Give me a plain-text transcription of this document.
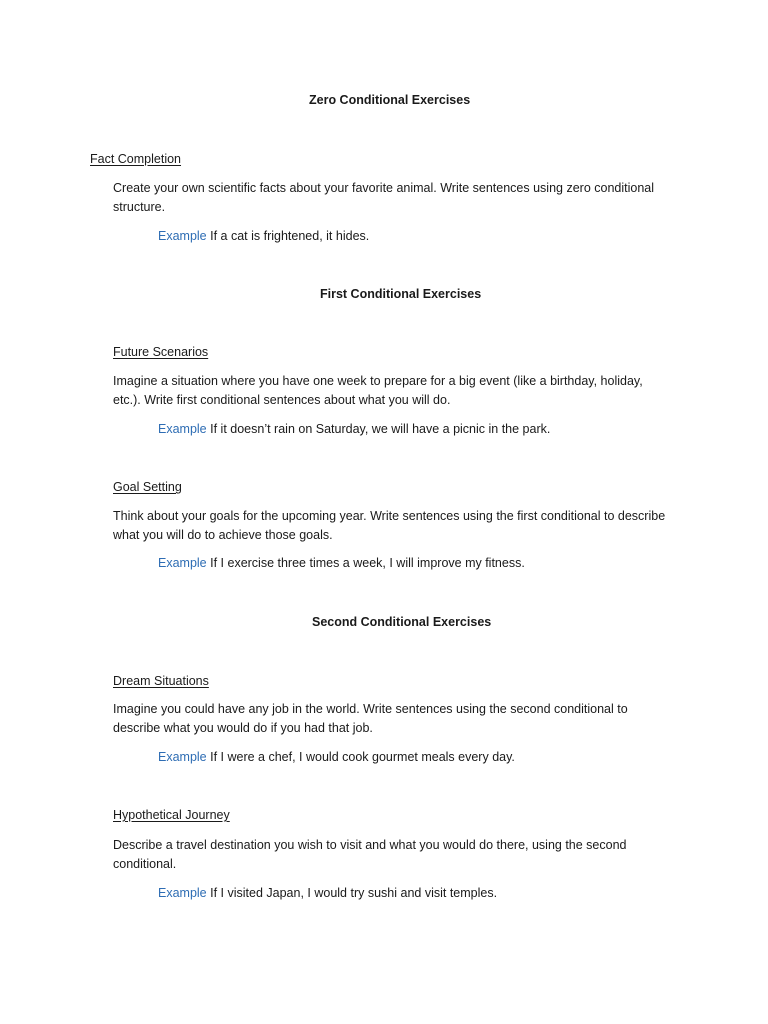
Zero Conditional Exercises
Fact Completion
Create your own scientific facts about your favorite animal. Write sentences using zero conditional
structure.
Example If a cat is frightened, it hides.
First Conditional Exercises
Future Scenarios
Imagine a situation where you have one week to prepare for a big event (like a birthday, holiday,
etc.). Write first conditional sentences about what you will do.
Example If it doesn’t rain on Saturday, we will have a picnic in the park.
Goal Setting
Think about your goals for the upcoming year. Write sentences using the first conditional to describe
what you will do to achieve those goals.
Example If I exercise three times a week, I will improve my fitness.
Second Conditional Exercises
Dream Situations
Imagine you could have any job in the world. Write sentences using the second conditional to
describe what you would do if you had that job.
Example If I were a chef, I would cook gourmet meals every day.
Hypothetical Journey
Describe a travel destination you wish to visit and what you would do there, using the second
conditional.
Example If I visited Japan, I would try sushi and visit temples.
